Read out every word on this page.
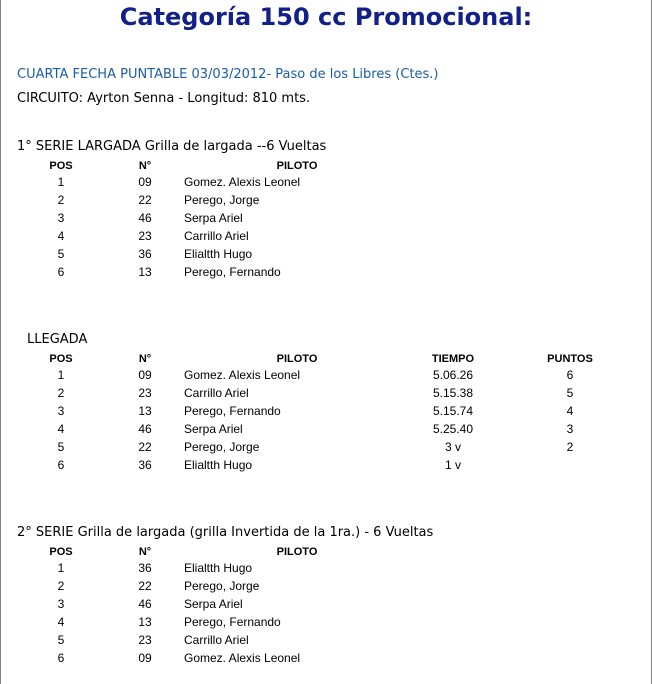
Categoría 150 cc Promocional:
CUARTA FECHA PUNTABLE 03/03/2012- Paso de los Libres (Ctes.)
CIRCUITO: Ayrton Senna - Longitud: 810 mts.
1° SERIE LARGADA Grilla de largada --6 Vueltas
POS	N°	PILOTO
1	09	Gomez. Alexis Leonel
2	22	Perego, Jorge
3	46	Serpa Ariel
4	23	Carrillo Ariel
5	36	Elialtth Hugo
6	13	Perego, Fernando
LLEGADA
POS	N°	PILOTO	TIEMPO	PUNTOS
1	09	Gomez. Alexis Leonel	5.06.26	6
2	23	Carrillo Ariel	5.15.38	5
3	13	Perego, Fernando	5.15.74	4
4	46	Serpa Ariel	5.25.40	3
5	22	Perego, Jorge	3 v	2
6	36	Elialtth Hugo	1 v
2° SERIE Grilla de largada (grilla Invertida de la 1ra.) - 6 Vueltas
POS	N°	PILOTO
1	36	Elialtth Hugo
2	22	Perego, Jorge
3	46	Serpa Ariel
4	13	Perego, Fernando
5	23	Carrillo Ariel
6	09	Gomez. Alexis Leonel
